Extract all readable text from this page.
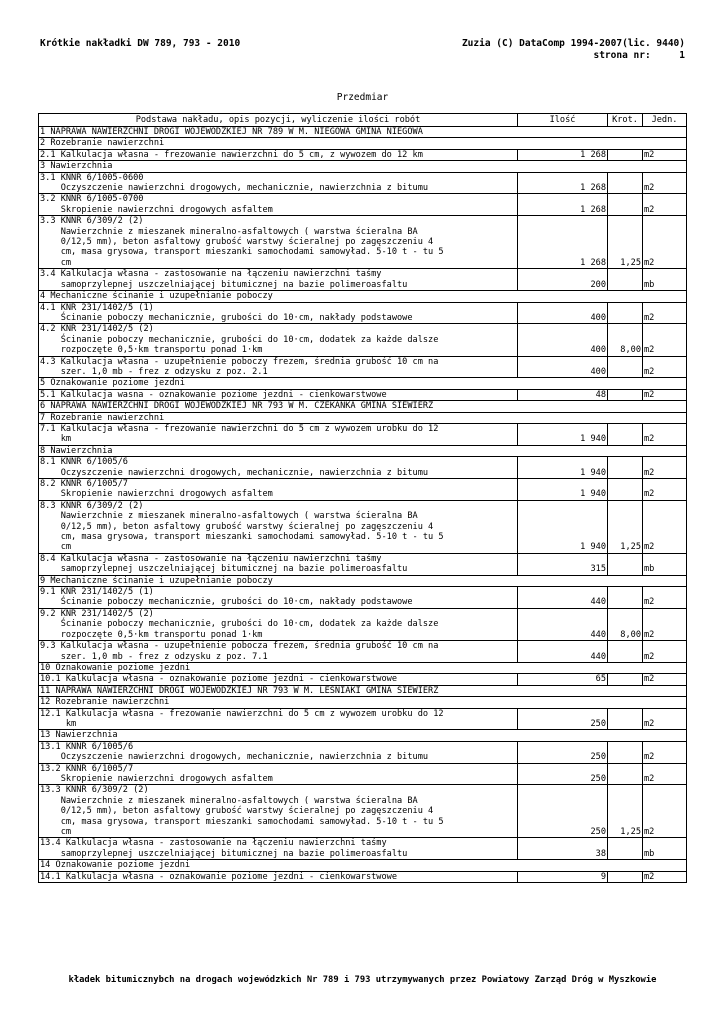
Krótkie nakładki DW 789, 793 - 2010	Zuzia (C) DataComp 1994-2007(lic. 9440)
strona nr:     1
Przedmiar
Podstawa nakładu, opis pozycji, wyliczenie ilości robót	Ilość	Krot.	Jedn.
1 NAPRAWA NAWIERZCHNI DROGI WOJEWÓDZKIEJ NR 789 W M. NIEGOWA GMINA NIEGOWA			
2 Rozebranie nawierzchni			

2.1 Kalkulacja własna - frezowanie nawierzchni do 5 cm, z wywozem do 12 km	1 268		m2
3 Nawierzchnia			

3.1 KNNR 6/1005-0600
Oczyszczenie nawierzchni drogowych, mechanicznie, nawierzchnia z bitumu	1 268		m2

3.2 KNNR 6/1005-0700
Skropienie nawierzchni drogowych asfaltem	1 268		m2

3.3 KNNR 6/309/2 (2)
Nawierzchnie z mieszanek mineralno-asfaltowych ( warstwa ścieralna BA
0/12,5 mm), beton asfaltowy grubość warstwy ścieralnej po zagęszczeniu 4
cm, masa grysowa, transport mieszanki samochodami samowyład. 5-10 t - tu 5
cm	1 268	1,25	m2

3.4 Kalkulacja własna - zastosowanie na łączeniu nawierzchni taśmy
samoprzylepnej uszczelniającej bitumicznej na bazie polimeroasfaltu	200		mb
4 Mechaniczne ścinanie i uzupełnianie poboczy			

4.1 KNR 231/1402/5 (1)
Ścinanie poboczy mechanicznie, grubości do 10·cm, nakłady podstawowe	400		m2

4.2 KNR 231/1402/5 (2)
Ścinanie poboczy mechanicznie, grubości do 10·cm, dodatek za każde dalsze
rozpoczęte 0,5·km transportu ponad 1·km	400	8,00	m2

4.3 Kalkulacja własna - uzupełnienie poboczy frezem, średnia grubość 10 cm na
szer. 1,0 mb - frez z odzysku z poz. 2.1	400		m2
5 Oznakowanie poziome jezdni			

5.1 Kalkulacja wasna - oznakowanie poziome jezdni - cienkowarstwowe	48		m2
6 NAPRAWA NAWIERZCHNI DROGI WOJEWÓDZKIEJ NR 793 W M. CZEKANKA GMINA SIEWIERZ			
7 Rozebranie nawierzchni			

7.1 Kalkulacja własna - frezowanie nawierzchni do 5 cm z wywozem urobku do 12
km	1 940		m2
8 Nawierzchnia			

8.1 KNNR 6/1005/6
Oczyszczenie nawierzchni drogowych, mechanicznie, nawierzchnia z bitumu	1 940		m2

8.2 KNNR 6/1005/7
Skropienie nawierzchni drogowych asfaltem	1 940		m2

8.3 KNNR 6/309/2 (2)
Nawierzchnie z mieszanek mineralno-asfaltowych ( warstwa ścieralna BA
0/12,5 mm), beton asfaltowy grubość warstwy ścieralnej po zagęszczeniu 4
cm, masa grysowa, transport mieszanki samochodami samowyład. 5-10 t - tu 5
cm	1 940	1,25	m2

8.4 Kalkulacja własna - zastosowanie na łączeniu nawierzchni taśmy
samoprzylepnej uszczelniającej bitumicznej na bazie polimeroasfaltu	315		mb
9 Mechaniczne ścinanie i uzupełnianie poboczy			

9.1 KNR 231/1402/5 (1)
Ścinanie poboczy mechanicznie, grubości do 10·cm, nakłady podstawowe	440		m2

9.2 KNR 231/1402/5 (2)
Ścinanie poboczy mechanicznie, grubości do 10·cm, dodatek za każde dalsze
rozpoczęte 0,5·km transportu ponad 1·km	440	8,00	m2

9.3 Kalkulacja własna - uzupełnienie pobocza frezem, średnia grubość 10 cm na
szer. 1,0 mb - frez z odzysku z poz. 7.1	440		m2
10 Oznakowanie poziome jezdni			

10.1 Kalkulacja własna - oznakowanie poziome jezdni - cienkowarstwowe	65		m2
11 NAPRAWA NAWIERZCHNI DROGI WOJEWÓDZKIEJ NR 793 W M. LEŚNIAKI GMINA SIEWIERZ			
12 Rozebranie nawierzchni			

12.1 Kalkulacja własna - frezowanie nawierzchni do 5 cm z wywozem urobku do 12
km	250		m2
13 Nawierzchnia			

13.1 KNNR 6/1005/6
Oczyszczenie nawierzchni drogowych, mechanicznie, nawierzchnia z bitumu	250		m2

13.2 KNNR 6/1005/7
Skropienie nawierzchni drogowych asfaltem	250		m2

13.3 KNNR 6/309/2 (2)
Nawierzchnie z mieszanek mineralno-asfaltowych ( warstwa ścieralna BA
0/12,5 mm), beton asfaltowy grubość warstwy ścieralnej po zagęszczeniu 4
cm, masa grysowa, transport mieszanki samochodami samowyład. 5-10 t - tu 5
cm	250	1,25	m2

13.4 Kalkulacja własna - zastosowanie na łączeniu nawierzchni taśmy
samoprzylepnej uszczelniającej bitumicznej na bazie polimeroasfaltu	38		mb
14 Oznakowanie poziome jezdni			

14.1 Kalkulacja własna - oznakowanie poziome jezdni - cienkowarstwowe	9		m2
kładek bitumicznybch na drogach wojewódzkich Nr 789 i 793 utrzymywanych przez Powiatowy Zarząd Dróg w Myszkowie
